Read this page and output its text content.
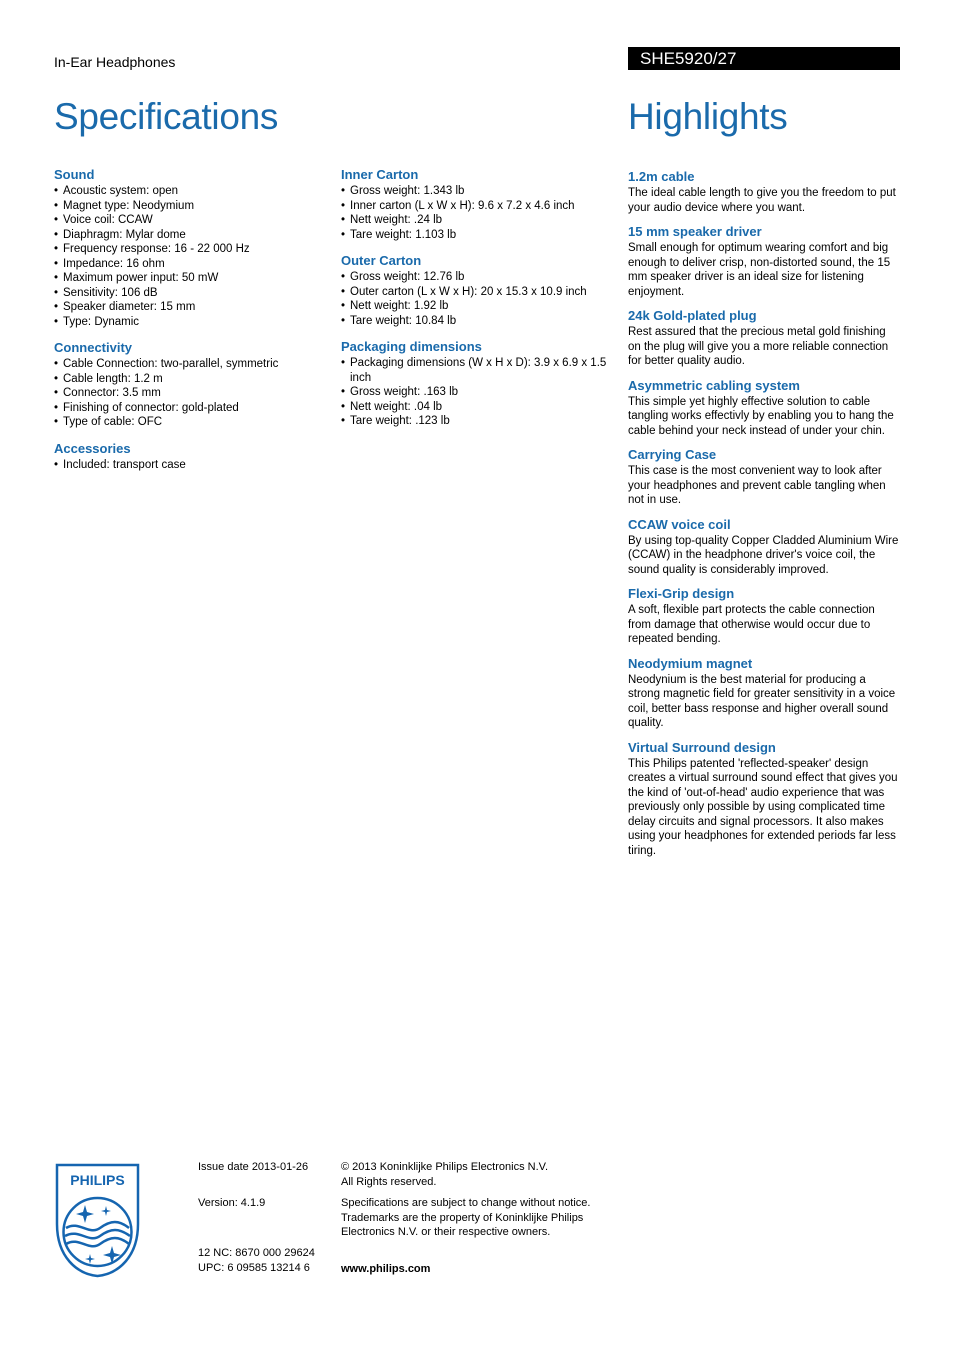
In-Ear Headphones	SHE5920/27
Specifications	Highlights
Sound
• Acoustic system: open
• Magnet type: Neodymium
• Voice coil: CCAW
• Diaphragm: Mylar dome
• Frequency response: 16 - 22 000 Hz
• Impedance: 16 ohm
• Maximum power input: 50 mW
• Sensitivity: 106 dB
• Speaker diameter: 15 mm
• Type: Dynamic
Connectivity
• Cable Connection: two-parallel, symmetric
• Cable length: 1.2 m
• Connector: 3.5 mm
• Finishing of connector: gold-plated
• Type of cable: OFC
Accessories
• Included: transport case
Inner Carton
• Gross weight: 1.343 lb
• Inner carton (L x W x H): 9.6 x 7.2 x 4.6 inch
• Nett weight: .24 lb
• Tare weight: 1.103 lb
Outer Carton
• Gross weight: 12.76 lb
• Outer carton (L x W x H): 20 x 15.3 x 10.9 inch
• Nett weight: 1.92 lb
• Tare weight: 10.84 lb
Packaging dimensions
• Packaging dimensions (W x H x D): 3.9 x 6.9 x 1.5 inch
• Gross weight: .163 lb
• Nett weight: .04 lb
• Tare weight: .123 lb
1.2m cable

The ideal cable length to give you the freedom to put your audio device where you want.

15 mm speaker driver

Small enough for optimum wearing comfort and big enough to deliver crisp, non-distorted sound, the 15 mm speaker driver is an ideal size for listening enjoyment.

24k Gold-plated plug

Rest assured that the precious metal gold finishing on the plug will give you a more reliable connection for better quality audio.

Asymmetric cabling system

This simple yet highly effective solution to cable tangling works effectivly by enabling you to hang the cable behind your neck instead of under your chin.

Carrying Case

This case is the most convenient way to look after your headphones and prevent cable tangling when not in use.

CCAW voice coil

By using top-quality Copper Cladded Aluminium Wire (CCAW) in the headphone driver's voice coil, the sound quality is considerably improved.

Flexi-Grip design

A soft, flexible part protects the cable connection from damage that otherwise would occur due to repeated bending.

Neodymium magnet

Neodynium is the best material for producing a strong magnetic field for greater sensitivity in a voice coil, better bass response and higher overall sound quality.

Virtual Surround design

This Philips patented 'reflected-speaker' design creates a virtual surround sound effect that gives you the kind of 'out-of-head' audio experience that was previously only possible by using complicated time delay circuits and signal processors. It also makes using your headphones for extended periods far less tiring.

PHILIPS
Issue date 2013-01-26
Version: 4.1.9
12 NC: 8670 000 29624
UPC: 6 09585 13214 6
© 2013 Koninklijke Philips Electronics N.V.
All Rights reserved.
Specifications are subject to change without notice.
Trademarks are the property of Koninklijke Philips
Electronics N.V. or their respective owners.
www.philips.com
